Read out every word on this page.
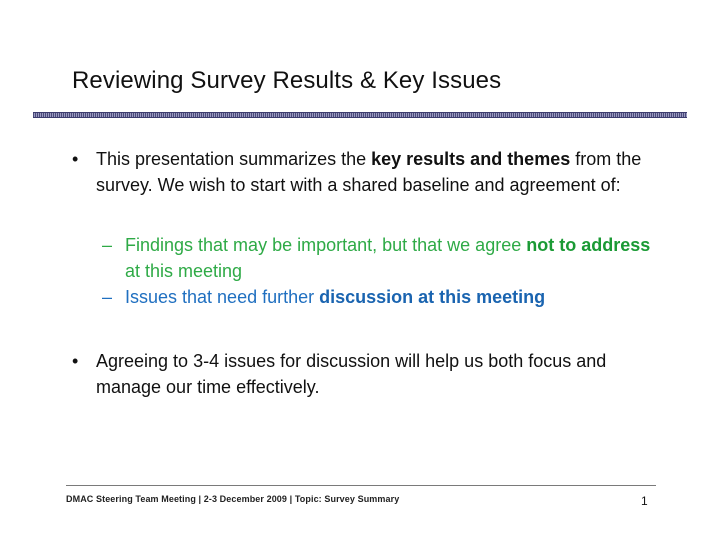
Reviewing Survey Results & Key Issues
• This presentation summarizes the key results and themes from the survey. We wish to start with a shared baseline and agreement of:
– Findings that may be important, but that we agree not to address at this meeting
– Issues that need further discussion at this meeting
• Agreeing to 3-4 issues for discussion will help us both focus and manage our time effectively.
DMAC Steering Team Meeting | 2-3 December 2009 | Topic: Survey Summary	1
